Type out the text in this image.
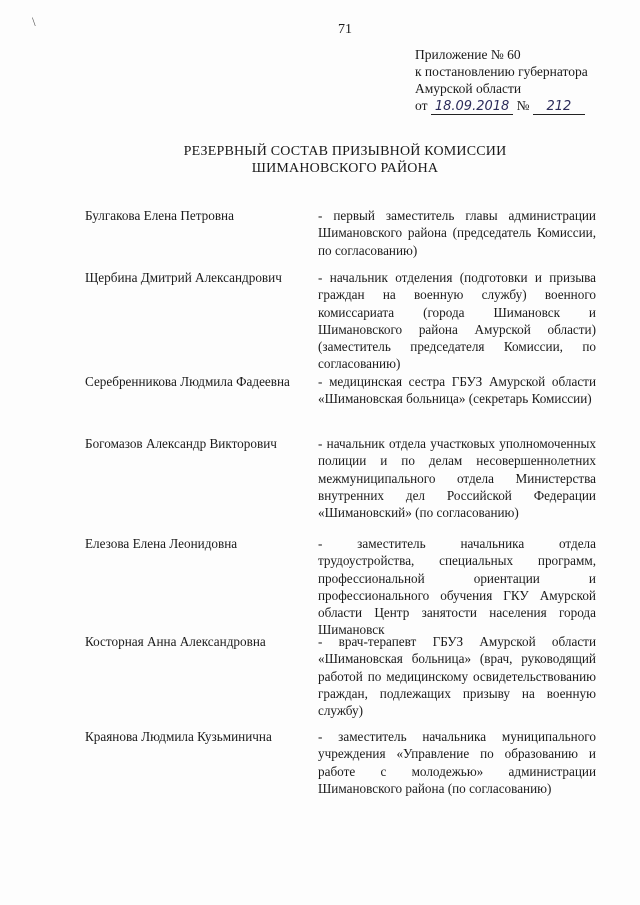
\
71
Приложение № 60
к постановлению губернатора
Амурской области
от 18.09.2018 № 212
РЕЗЕРВНЫЙ СОСТАВ ПРИЗЫВНОЙ КОМИССИИ
ШИМАНОВСКОГО РАЙОНА
Булгакова Елена Петровна	- первый заместитель главы администрации Шимановского района (председатель Комиссии, по согласованию)
Щербина Дмитрий Александрович	- начальник отделения (подготовки и призыва граждан на военную службу) военного комиссариата (города Шимановск и Шимановского района Амурской области) (заместитель председателя Комиссии, по согласованию)
Серебренникова Людмила Фадеевна	- медицинская сестра ГБУЗ Амурской области «Шимановская больница» (секретарь Комиссии)
Богомазов Александр Викторович	- начальник отдела участковых уполномоченных полиции и по делам несовершеннолетних межмуниципального отдела Министерства внутренних дел Российской Федерации «Шимановский» (по согласованию)
Елезова Елена Леонидовна	- заместитель начальника отдела трудоустройства, специальных программ, профессиональной ориентации и профессионального обучения ГКУ Амурской области Центр занятости населения города Шимановск
Косторная Анна Александровна	- врач-терапевт ГБУЗ Амурской области «Шимановская больница» (врач, руководящий работой по медицинскому освидетельствованию граждан, подлежащих призыву на военную службу)
Краянова Людмила Кузьминична	- заместитель начальника муниципального учреждения «Управление по образованию и работе с молодежью» администрации Шимановского района (по согласованию)
